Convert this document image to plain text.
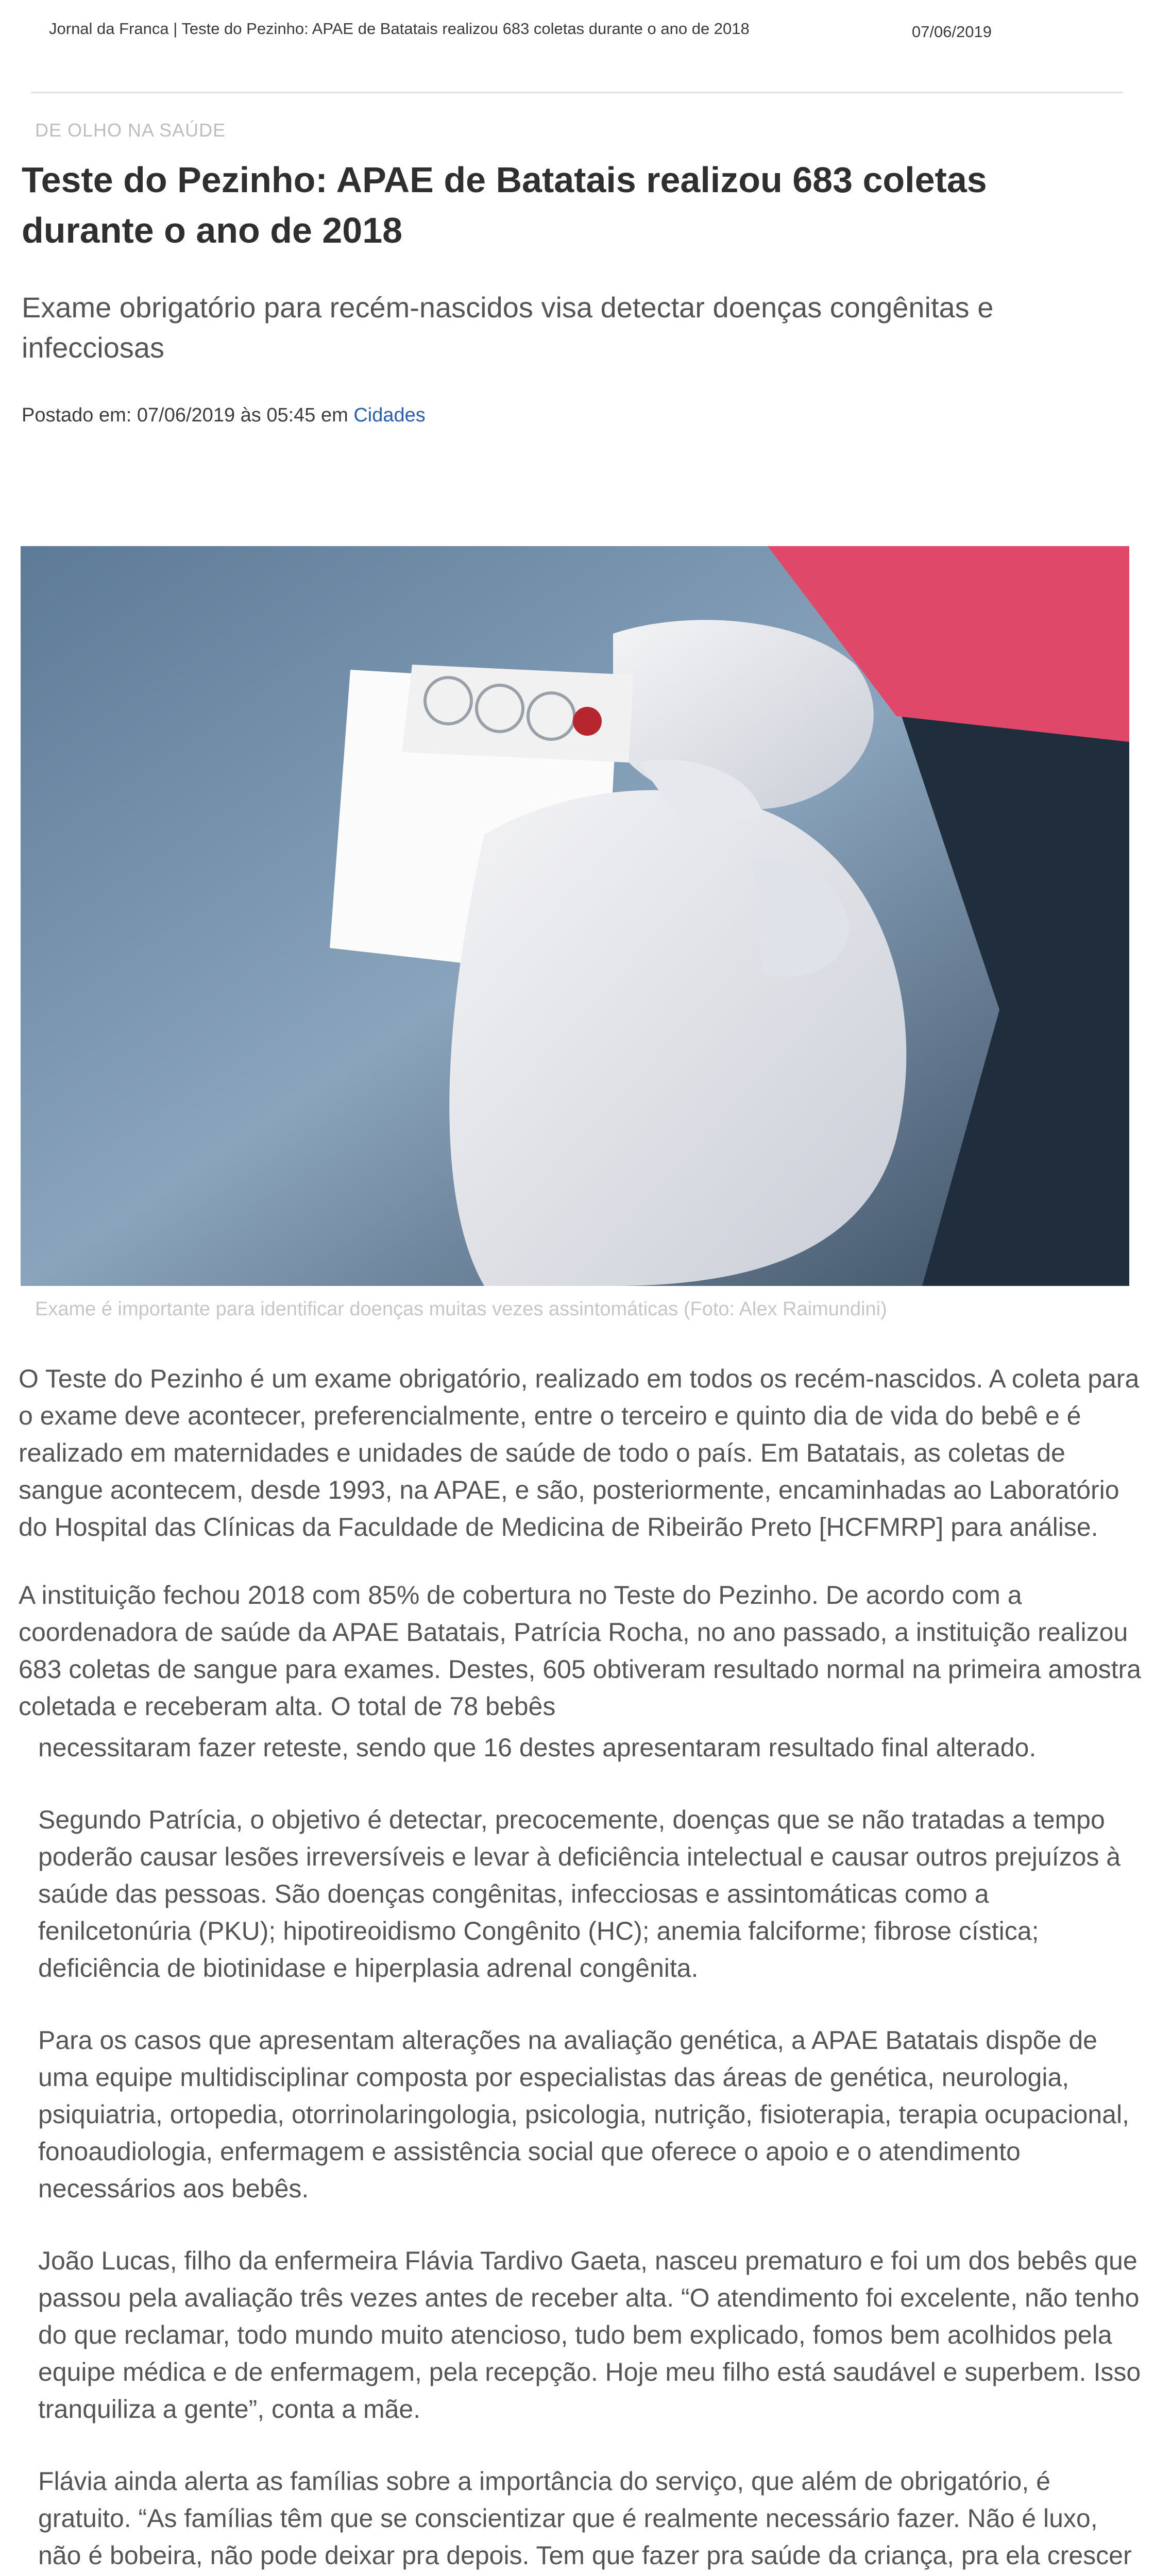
Jornal da Franca | Teste do Pezinho: APAE de Batatais realizou 683 coletas durante o ano de 2018	07/06/2019
DE OLHO NA SAÚDE
Teste do Pezinho: APAE de Batatais realizou 683 coletas durante o ano de 2018

Exame obrigatório para recém-nascidos visa detectar doenças congênitas e infecciosas

Postado em: 07/06/2019 às 05:45 em Cidades
Exame é importante para identificar doenças muitas vezes assintomáticas (Foto: Alex Raimundini)

O Teste do Pezinho é um exame obrigatório, realizado em todos os recém-nascidos. A coleta para o exame deve acontecer, preferencialmente, entre o terceiro e quinto dia de vida do bebê e é realizado em maternidades e unidades de saúde de todo o país. Em Batatais, as coletas de sangue acontecem, desde 1993, na APAE, e são, posteriormente, encaminhadas ao Laboratório do Hospital das Clínicas da Faculdade de Medicina de Ribeirão Preto [HCFMRP] para análise.

A instituição fechou 2018 com 85% de cobertura no Teste do Pezinho. De acordo com a coordenadora de saúde da APAE Batatais, Patrícia Rocha, no ano passado, a instituição realizou 683 coletas de sangue para exames. Destes, 605 obtiveram resultado normal na primeira amostra coletada e receberam alta. O total de 78 bebês

necessitaram fazer reteste, sendo que 16 destes apresentaram resultado final alterado.

Segundo Patrícia, o objetivo é detectar, precocemente, doenças que se não tratadas a tempo poderão causar lesões irreversíveis e levar à deficiência intelectual e causar outros prejuízos à saúde das pessoas. São doenças congênitas, infecciosas e assintomáticas como a fenilcetonúria (PKU); hipotireoidismo Congênito (HC); anemia falciforme; fibrose cística; deficiência de biotinidase e hiperplasia adrenal congênita.

Para os casos que apresentam alterações na avaliação genética, a APAE Batatais dispõe de uma equipe multidisciplinar composta por especialistas das áreas de genética, neurologia, psiquiatria, ortopedia, otorrinolaringologia, psicologia, nutrição, fisioterapia, terapia ocupacional, fonoaudiologia, enfermagem e assistência social que oferece o apoio e o atendimento necessários aos bebês.

João Lucas, filho da enfermeira Flávia Tardivo Gaeta, nasceu prematuro e foi um dos bebês que passou pela avaliação três vezes antes de receber alta. “O atendimento foi excelente, não tenho do que reclamar, todo mundo muito atencioso, tudo bem explicado, fomos bem acolhidos pela equipe médica e de enfermagem, pela recepção. Hoje meu filho está saudável e superbem. Isso tranquiliza a gente”, conta a mãe.

Flávia ainda alerta as famílias sobre a importância do serviço, que além de obrigatório, é gratuito. “As famílias têm que se conscientizar que é realmente necessário fazer. Não é luxo, não é bobeira, não pode deixar pra depois. Tem que fazer pra saúde da criança, pra ela crescer
